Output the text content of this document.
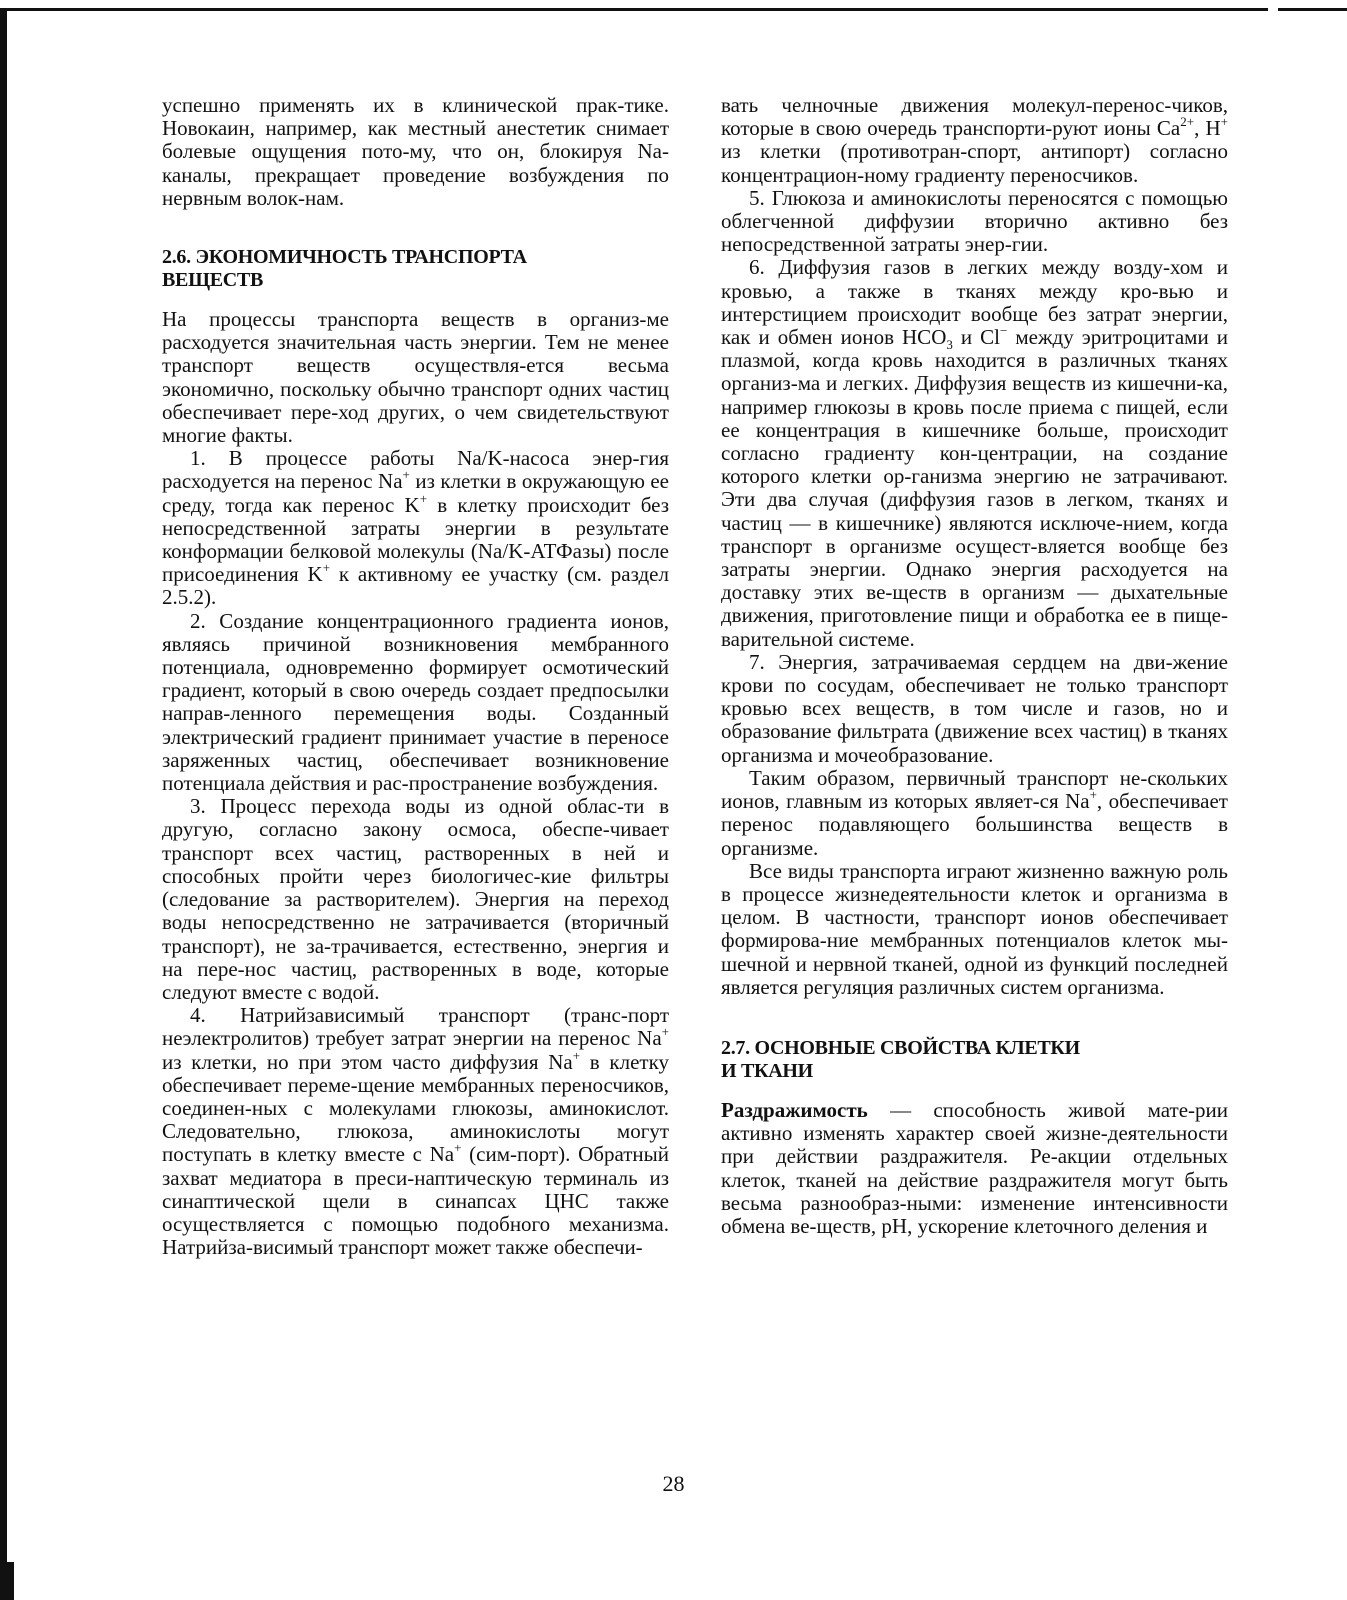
успешно применять их в клинической прак-тике. Новокаин, например, как местный анестетик снимает болевые ощущения пото-му, что он, блокируя Na-каналы, прекращает проведение возбуждения по нервным волок-нам.

2.6. ЭКОНОМИЧНОСТЬ ТРАНСПОРТА
ВЕЩЕСТВ

На процессы транспорта веществ в организ-ме расходуется значительная часть энергии. Тем не менее транспорт веществ осуществля-ется весьма экономично, поскольку обычно транспорт одних частиц обеспечивает пере-ход других, о чем свидетельствуют многие факты.

1. В процессе работы Na/K-насоса энер-гия расходуется на перенос Na+ из клетки в окружающую ее среду, тогда как перенос K+ в клетку происходит без непосредственной затраты энергии в результате конформации белковой молекулы (Na/K-АТФазы) после присоединения K+ к активному ее участку (см. раздел 2.5.2).

2. Создание концентрационного градиента ионов, являясь причиной возникновения мембранного потенциала, одновременно формирует осмотический градиент, который в свою очередь создает предпосылки направ-ленного перемещения воды. Созданный электрический градиент принимает участие в переносе заряженных частиц, обеспечивает возникновение потенциала действия и рас-пространение возбуждения.

3. Процесс перехода воды из одной облас-ти в другую, согласно закону осмоса, обеспе-чивает транспорт всех частиц, растворенных в ней и способных пройти через биологичес-кие фильтры (следование за растворителем). Энергия на переход воды непосредственно не затрачивается (вторичный транспорт), не за-трачивается, естественно, энергия и на пере-нос частиц, растворенных в воде, которые следуют вместе с водой.

4. Натрийзависимый транспорт (транс-порт неэлектролитов) требует затрат энергии на перенос Na+ из клетки, но при этом часто диффузия Na+ в клетку обеспечивает переме-щение мембранных переносчиков, соединен-ных с молекулами глюкозы, аминокислот. Следовательно, глюкоза, аминокислоты могут поступать в клетку вместе с Na+ (сим-порт). Обратный захват медиатора в преси-наптическую терминаль из синаптической щели в синапсах ЦНС также осуществляется с помощью подобного механизма. Натрийза-висимый транспорт может также обеспечи-

вать челночные движения молекул-перенос-чиков, которые в свою очередь транспорти-руют ионы $Ca^{2+}$, H+ из клетки (противотран-спорт, антипорт) согласно концентрацион-ному градиенту переносчиков.

5. Глюкоза и аминокислоты переносятся с помощью облегченной диффузии вторично активно без непосредственной затраты энер-гии.

6. Диффузия газов в легких между возду-хом и кровью, а также в тканях между кро-вью и интерстицием происходит вообще без затрат энергии, как и обмен ионов $HCO_3$ и Cl− между эритроцитами и плазмой, когда кровь находится в различных тканях организ-ма и легких. Диффузия веществ из кишечни-ка, например глюкозы в кровь после приема с пищей, если ее концентрация в кишечнике больше, происходит согласно градиенту кон-центрации, на создание которого клетки ор-ганизма энергию не затрачивают. Эти два случая (диффузия газов в легком, тканях и частиц — в кишечнике) являются исключе-нием, когда транспорт в организме осущест-вляется вообще без затраты энергии. Однако энергия расходуется на доставку этих ве-ществ в организм — дыхательные движения, приготовление пищи и обработка ее в пище-варительной системе.

7. Энергия, затрачиваемая сердцем на дви-жение крови по сосудам, обеспечивает не только транспорт кровью всех веществ, в том числе и газов, но и образование фильтрата (движение всех частиц) в тканях организма и мочеобразование.

Таким образом, первичный транспорт не-скольких ионов, главным из которых являет-ся Na+, обеспечивает перенос подавляющего большинства веществ в организме.

Все виды транспорта играют жизненно важную роль в процессе жизнедеятельности клеток и организма в целом. В частности, транспорт ионов обеспечивает формирова-ние мембранных потенциалов клеток мы-шечной и нервной тканей, одной из функций последней является регуляция различных систем организма.

2.7. ОСНОВНЫЕ СВОЙСТВА КЛЕТКИ
И ТКАНИ

Раздражимость — способность живой мате-рии активно изменять характер своей жизне-деятельности при действии раздражителя. Ре-акции отдельных клеток, тканей на действие раздражителя могут быть весьма разнообраз-ными: изменение интенсивности обмена ве-ществ, pH, ускорение клеточного деления и

28
